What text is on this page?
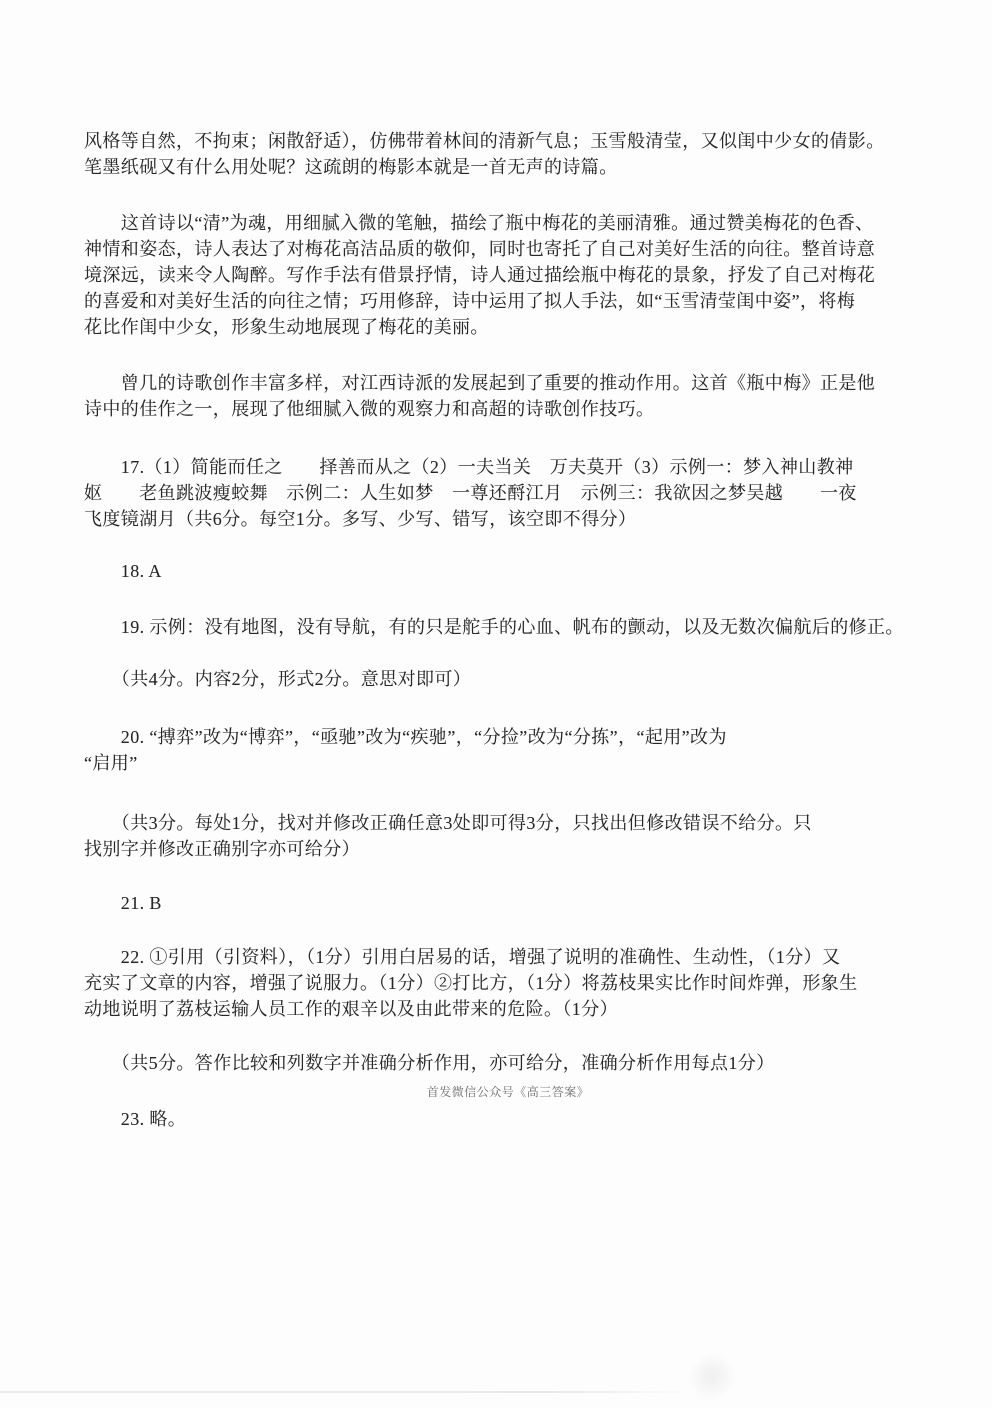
风格等自然，不拘束；闲散舒适），仿佛带着林间的清新气息；玉雪般清莹，又似闺中少女的倩影。
笔墨纸砚又有什么用处呢？这疏朗的梅影本就是一首无声的诗篇。
　　这首诗以“清”为魂，用细腻入微的笔触，描绘了瓶中梅花的美丽清雅。通过赞美梅花的色香、
神情和姿态，诗人表达了对梅花高洁品质的敬仰，同时也寄托了自己对美好生活的向往。整首诗意
境深远，读来令人陶醉。写作手法有借景抒情，诗人通过描绘瓶中梅花的景象，抒发了自己对梅花
的喜爱和对美好生活的向往之情；巧用修辞，诗中运用了拟人手法，如“玉雪清莹闺中姿”，将梅
花比作闺中少女，形象生动地展现了梅花的美丽。
　　曾几的诗歌创作丰富多样，对江西诗派的发展起到了重要的推动作用。这首《瓶中梅》正是他
诗中的佳作之一，展现了他细腻入微的观察力和高超的诗歌创作技巧。
　　17.（1）简能而任之　　择善而从之（2）一夫当关　万夫莫开（3）示例一：梦入神山教神
妪　　老鱼跳波瘦蛟舞　示例二：人生如梦　一尊还酹江月　示例三：我欲因之梦吴越　　一夜
飞度镜湖月（共6分。每空1分。多写、少写、错写，该空即不得分）
　　18. A
　　19. 示例：没有地图，没有导航，有的只是舵手的心血、帆布的颤动，以及无数次偏航后的修正。
　　（共4分。内容2分，形式2分。意思对即可）
　　20. “搏弈”改为“博弈”，“亟驰”改为“疾驰”，“分捡”改为“分拣”，“起用”改为
“启用”
　　（共3分。每处1分，找对并修改正确任意3处即可得3分，只找出但修改错误不给分。只
找别字并修改正确别字亦可给分）
　　21. B
　　22. ①引用（引资料），（1分）引用白居易的话，增强了说明的准确性、生动性，（1分）又
充实了文章的内容，增强了说服力。（1分）②打比方，（1分）将荔枝果实比作时间炸弹，形象生
动地说明了荔枝运输人员工作的艰辛以及由此带来的危险。（1分）
　　（共5分。答作比较和列数字并准确分析作用，亦可给分，准确分析作用每点1分）
首发微信公众号《高三答案》
　　23. 略。
